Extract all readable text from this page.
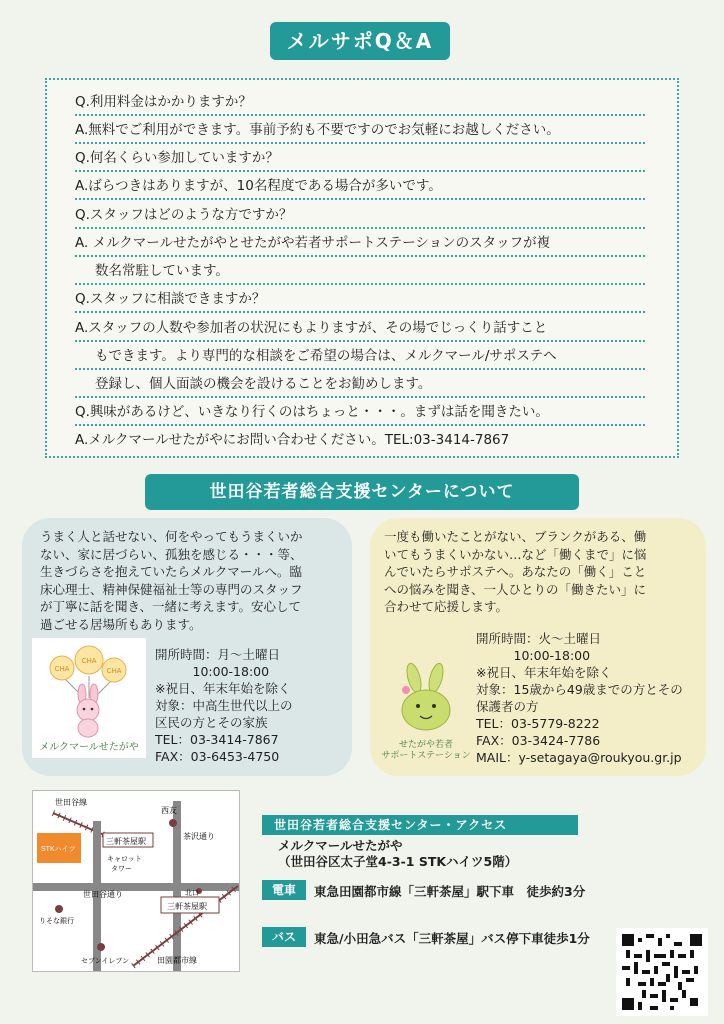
メルサポQ＆A
Q.利用料金はかかりますか？
A.無料でご利用ができます。事前予約も不要ですのでお気軽にお越しください。
Q.何名くらい参加していますか？
A.ばらつきはありますが、10名程度である場合が多いです。
Q.スタッフはどのような方ですか？
A. メルクマールせたがやとせたがや若者サポートステーションのスタッフが複
数名常駐しています。
Q.スタッフに相談できますか？
A.スタッフの人数や参加者の状況にもよりますが、その場でじっくり話すこと
もできます。より専門的な相談をご希望の場合は、メルクマール/サポステへ
登録し、個人面談の機会を設けることをお勧めします。
Q.興味があるけど、いきなり行くのはちょっと・・・。まずは話を聞きたい。
A.メルクマールせたがやにお問い合わせください。TEL:03-3414-7867
世田谷若者総合支援センターについて
うまく人と話せない、何をやってもうまくいか
ない、家に居づらい、孤独を感じる・・・等、
生きづらさを抱えていたらメルクマールへ。臨
床心理士、精神保健福祉士等の専門のスタッフ
が丁寧に話を聞き、一緒に考えます。安心して
過ごせる居場所もあります。
CHA
CHA	CHA
メルクマールせたがや
開所時間：月～土曜日
　　　10:00-18:00
※祝日、年末年始を除く
対象：中高生世代以上の
区民の方とその家族
TEL：03-3414-7867
FAX：03-6453-4750
一度も働いたことがない、ブランクがある、働
いてもうまくいかない…など「働くまで」に悩
んでいたらサポステへ。あなたの「働く」こと
への悩みを聞き、一人ひとりの「働きたい」に
合わせて応援します。
せたがや若者
サポートステーション
開所時間：火～土曜日
　　　10:00-18:00
※祝日、年末年始を除く
対象：15歳から49歳までの方とその
保護者の方
TEL：03-5779-8222
FAX：03-3424-7786
MAIL：y-setagaya@roukyou.gr.jp
世田谷線
世田谷通り
西友
茶沢通り
三軒茶屋駅
STKハイツ
キャロット
タワー
北口
三軒茶屋駅
りそな銀行
セブンイレブン	田園都市線
世田谷若者総合支援センター・アクセス
メルクマールせたがや
（世田谷区太子堂4-3-1 STKハイツ5階）
電車	東急田園都市線「三軒茶屋」駅下車　徒歩約3分
バス	東急/小田急バス「三軒茶屋」バス停下車徒歩1分
